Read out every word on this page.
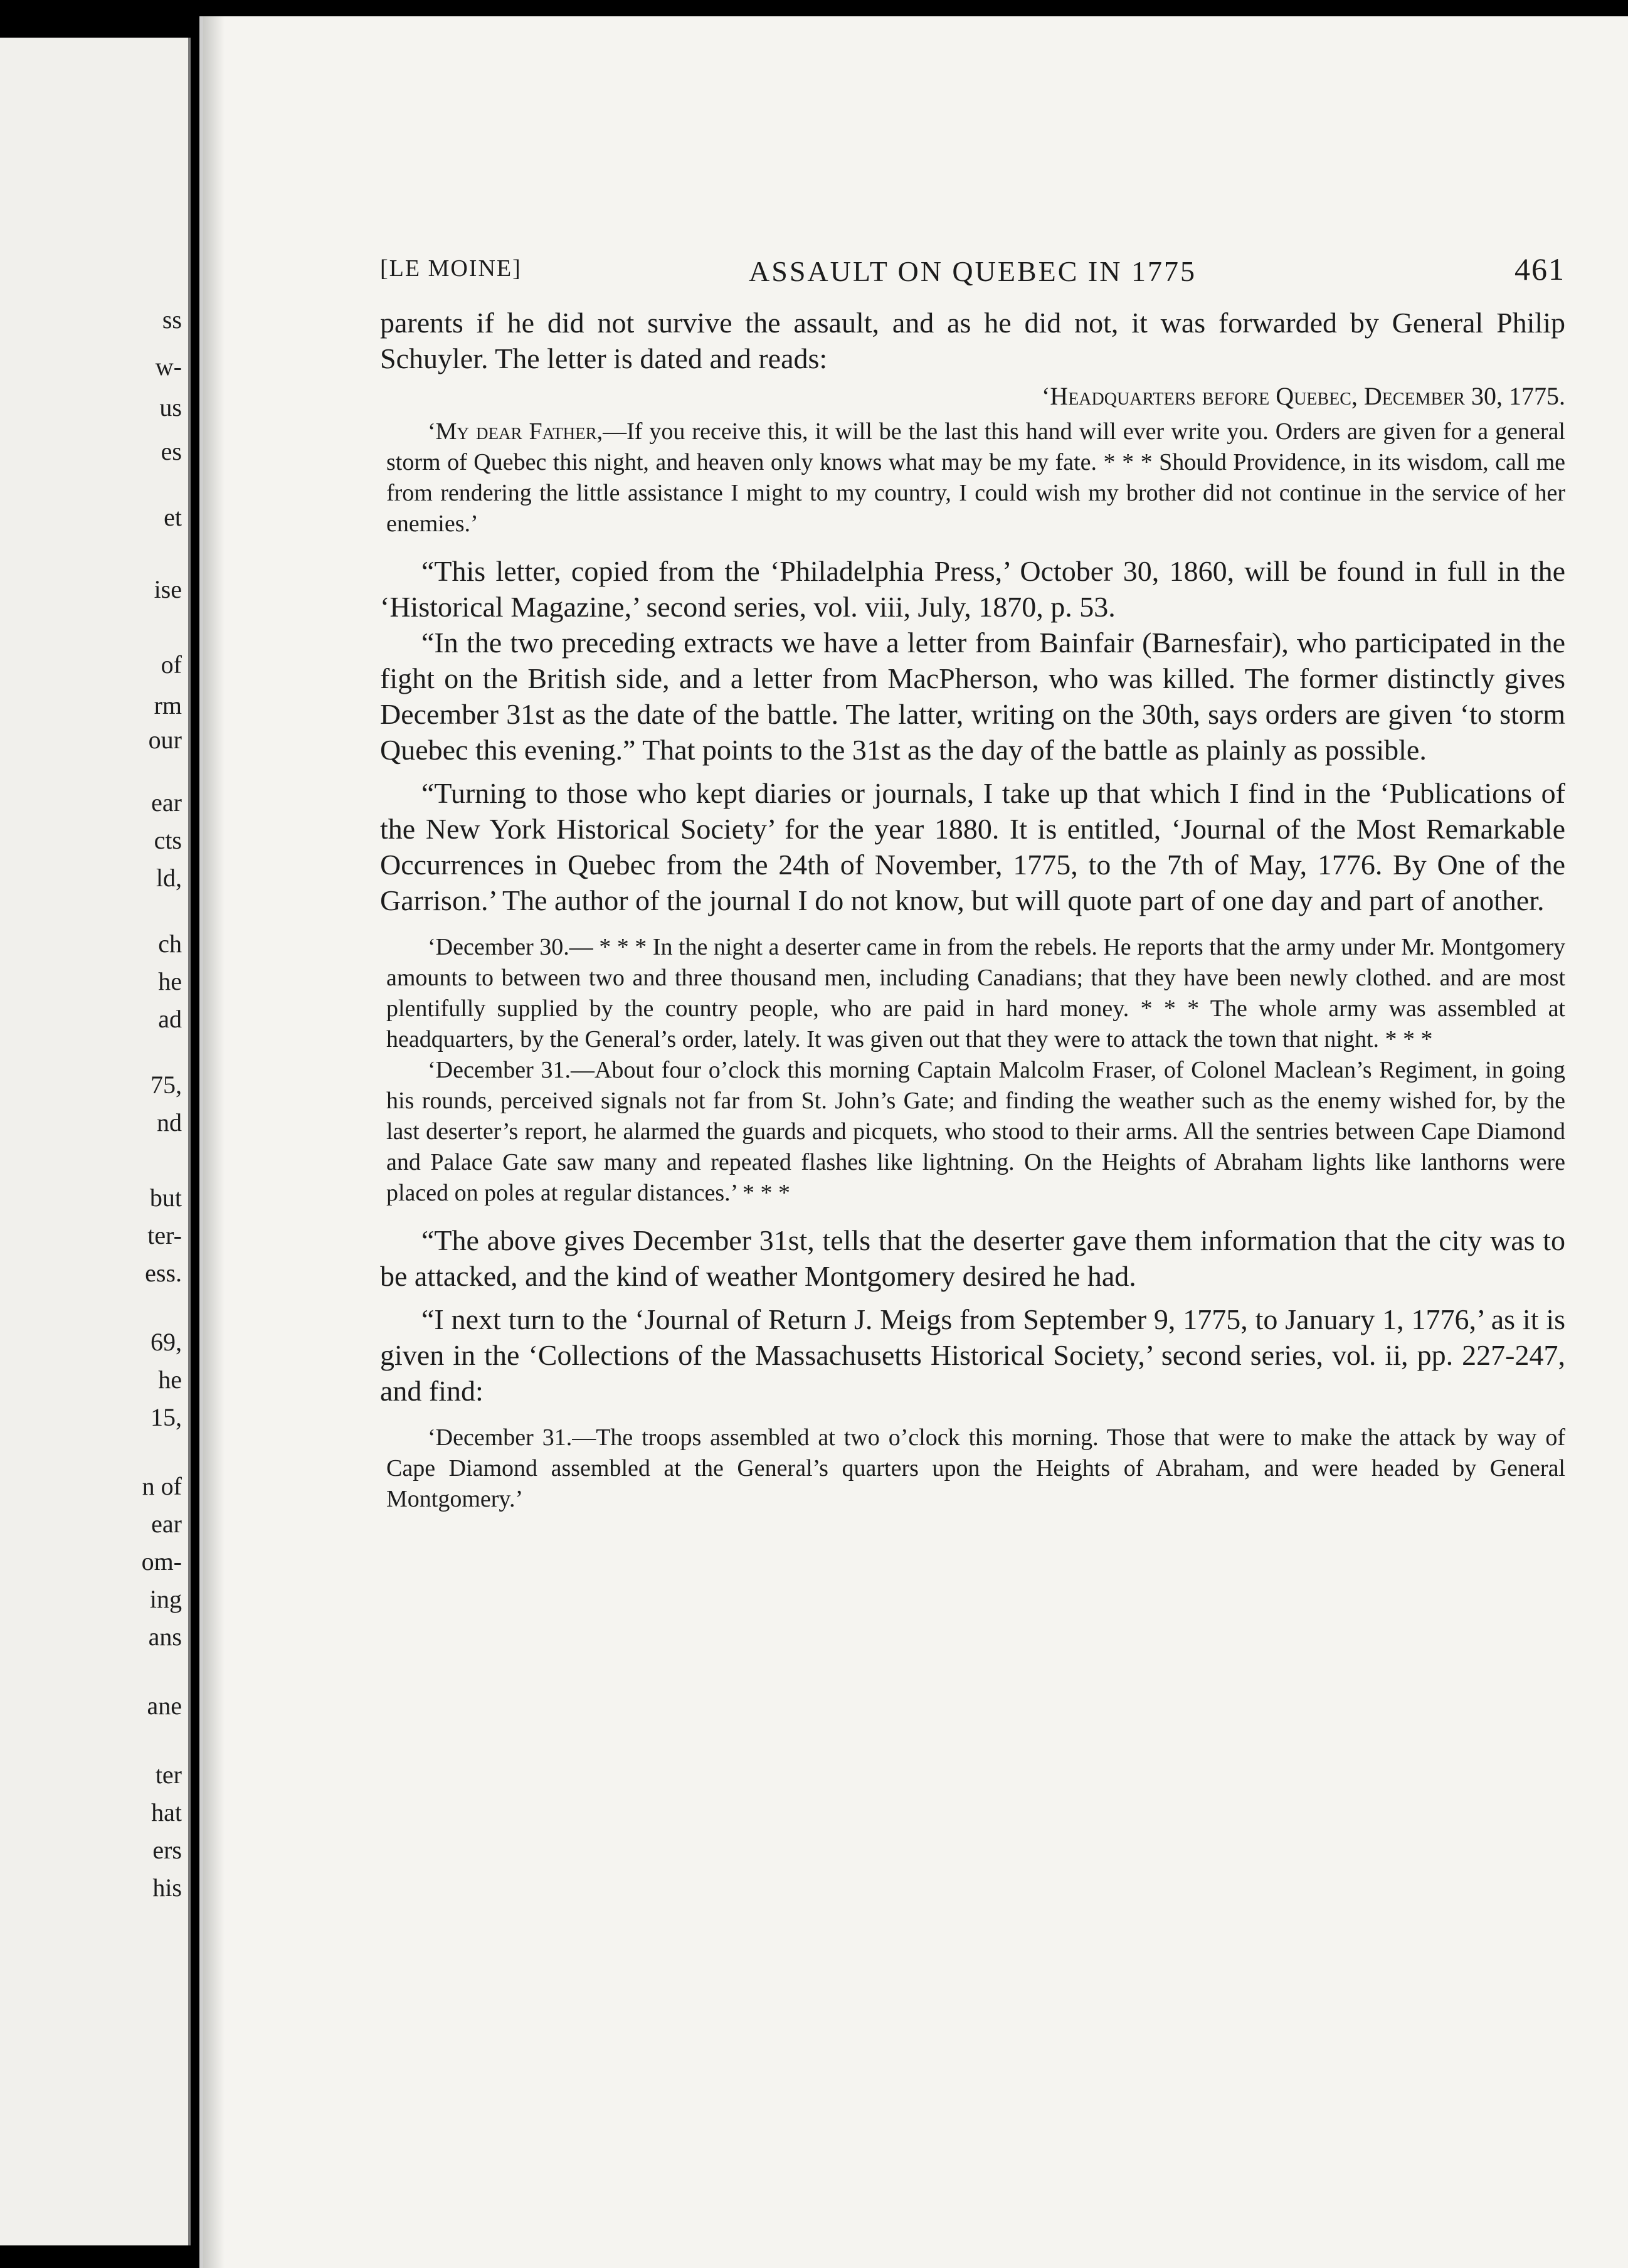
ss
w-
us
es
et
ise
of
rm
our
ear
cts
ld,
ch
he
ad
75,
nd
but
ter-
ess.
69,
he
15,
n of
ear
om-
ing
ans
ane
ter
hat
ers
his
[LE MOINE]	ASSAULT ON QUEBEC IN 1775	461

parents if he did not survive the assault, and as he did not, it was forwarded by General Philip Schuyler. The letter is dated and reads:

‘Headquarters before Quebec, December 30, 1775.

‘My dear Father,—If you receive this, it will be the last this hand will ever write you. Orders are given for a general storm of Quebec this night, and heaven only knows what may be my fate. * * * Should Providence, in its wisdom, call me from rendering the little assistance I might to my country, I could wish my brother did not continue in the service of her enemies.’

“This letter, copied from the ‘Philadelphia Press,’ October 30, 1860, will be found in full in the ‘Historical Magazine,’ second series, vol. viii, July, 1870, p. 53.

“In the two preceding extracts we have a letter from Bainfair (Barnesfair), who participated in the fight on the British side, and a letter from MacPherson, who was killed. The former distinctly gives December 31st as the date of the battle. The latter, writing on the 30th, says orders are given ‘to storm Quebec this evening.” That points to the 31st as the day of the battle as plainly as possible.

“Turning to those who kept diaries or journals, I take up that which I find in the ‘Publications of the New York Historical Society’ for the year 1880. It is entitled, ‘Journal of the Most Remarkable Occurrences in Quebec from the 24th of November, 1775, to the 7th of May, 1776. By One of the Garrison.’ The author of the journal I do not know, but will quote part of one day and part of another.

‘December 30.— * * * In the night a deserter came in from the rebels. He reports that the army under Mr. Montgomery amounts to between two and three thousand men, including Canadians; that they have been newly clothed. and are most plentifully supplied by the country people, who are paid in hard money. * * * The whole army was assembled at headquarters, by the General’s order, lately. It was given out that they were to attack the town that night. * * *

‘December 31.—About four o’clock this morning Captain Malcolm Fraser, of Colonel Maclean’s Regiment, in going his rounds, perceived signals not far from St. John’s Gate; and finding the weather such as the enemy wished for, by the last deserter’s report, he alarmed the guards and picquets, who stood to their arms. All the sentries between Cape Diamond and Palace Gate saw many and repeated flashes like lightning. On the Heights of Abraham lights like lanthorns were placed on poles at regular distances.’ * * *

“The above gives December 31st, tells that the deserter gave them information that the city was to be attacked, and the kind of weather Montgomery desired he had.

“I next turn to the ‘Journal of Return J. Meigs from September 9, 1775, to January 1, 1776,’ as it is given in the ‘Collections of the Massachusetts Historical Society,’ second series, vol. ii, pp. 227-247, and find:

‘December 31.—The troops assembled at two o’clock this morning. Those that were to make the attack by way of Cape Diamond assembled at the General’s quarters upon the Heights of Abraham, and were headed by General Montgomery.’
